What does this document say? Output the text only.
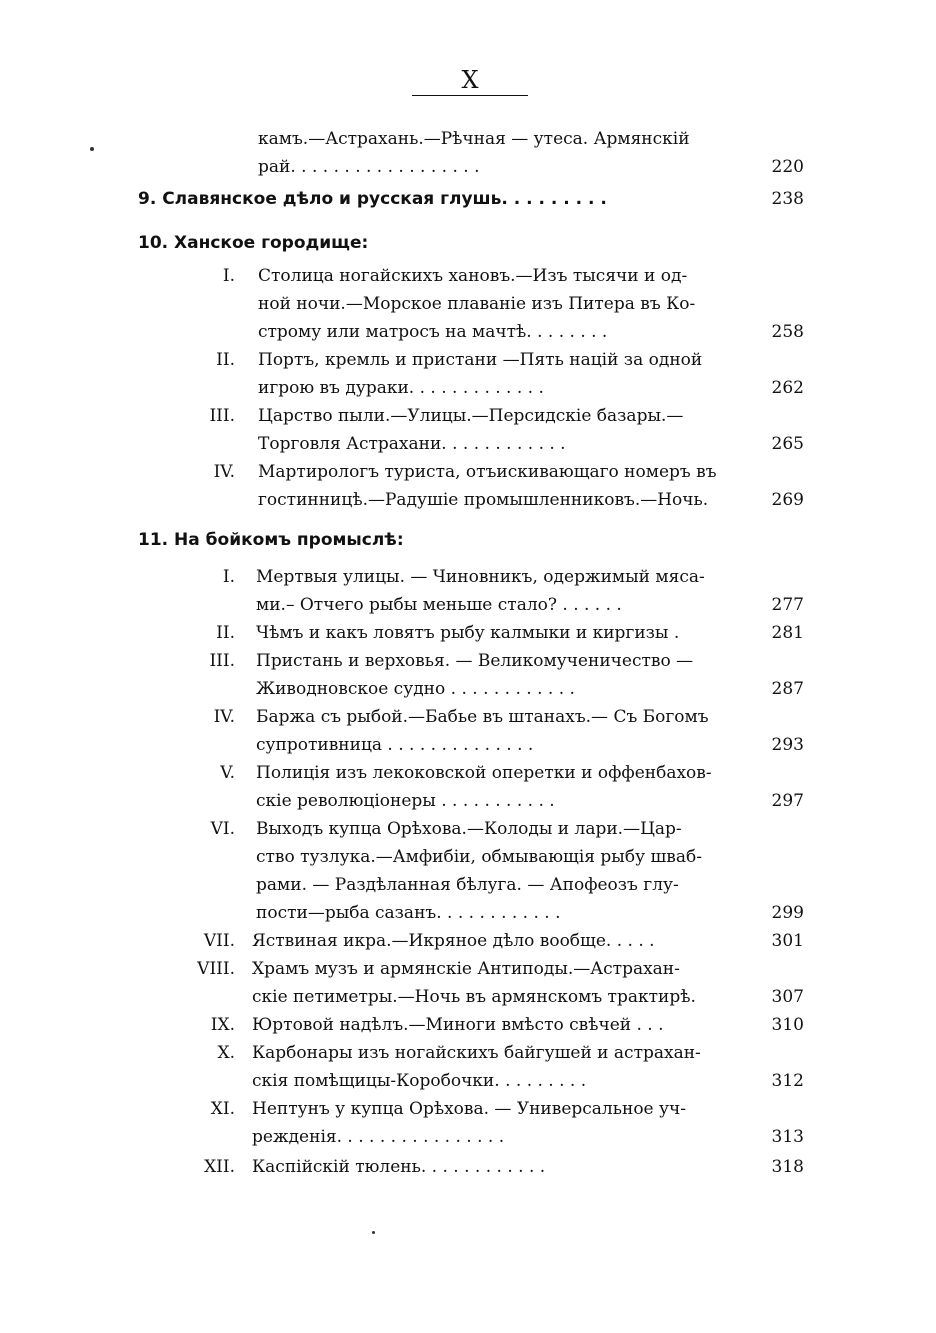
X
камъ.—Астрахань.—Рѣчная — утеса. Армянскій
рай. . . . . . . . . . . . . . . . . .	220
9. Славянское дѣло и русская глушь. . . . . . . . .	238
10. Ханское городище:
I. Столица ногайскихъ хановъ.—Изъ тысячи и од-
ной ночи.—Морское плаваніе изъ Питера въ Ко-
строму или матросъ на мачтѣ. . . . . . . .	258
II. Портъ, кремль и пристани —Пять націй за одной
игрою въ дураки. . . . . . . . . . . . .	262
III. Царство пыли.—Улицы.—Персидскіе базары.—
Торговля Астрахани. . . . . . . . . . . .	265
IV. Мартирологъ туриста, отъискивающаго номеръ въ
гостинницѣ.—Радушіе промышленниковъ.—Ночь.	269
11. На бойкомъ промыслѣ:
I. Мертвыя улицы. — Чиновникъ, одержимый мяса-
ми.– Отчего рыбы меньше стало? . . . . . .	277
II. Чѣмъ и какъ ловятъ рыбу калмыки и киргизы .	281
III. Пристань и верховья. — Великомученичество —
Живодновское судно . . . . . . . . . . . .	287
IV. Баржа съ рыбой.—Бабье въ штанахъ.— Съ Богомъ
супротивница . . . . . . . . . . . . . .	293
V. Полиція изъ лекоковской оперетки и оффенбахов-
скіе революціонеры . . . . . . . . . . .	297
VI. Выходъ купца Орѣхова.—Колоды и лари.—Цар-
ство тузлука.—Амфибіи, обмывающія рыбу шваб-
рами. — Раздѣланная бѣлуга. — Апофеозъ глу-
пости—рыба сазанъ. . . . . . . . . . . .	299
VII. Яствиная икра.—Икряное дѣло вообще. . . . .	301
VIII. Храмъ музъ и армянскіе Антиподы.—Астрахан-
скіе петиметры.—Ночь въ армянскомъ трактирѣ.	307
IX. Юртовой надѣлъ.—Миноги вмѣсто свѣчей . . .	310
X. Карбонары изъ ногайскихъ байгушей и астрахан-
скія помѣщицы-Коробочки. . . . . . . . .	312
XI. Нептунъ у купца Орѣхова. — Универсальное уч-
режденія. . . . . . . . . . . . . . . .	313
XII. Каспійскій тюлень. . . . . . . . . . . .	318
